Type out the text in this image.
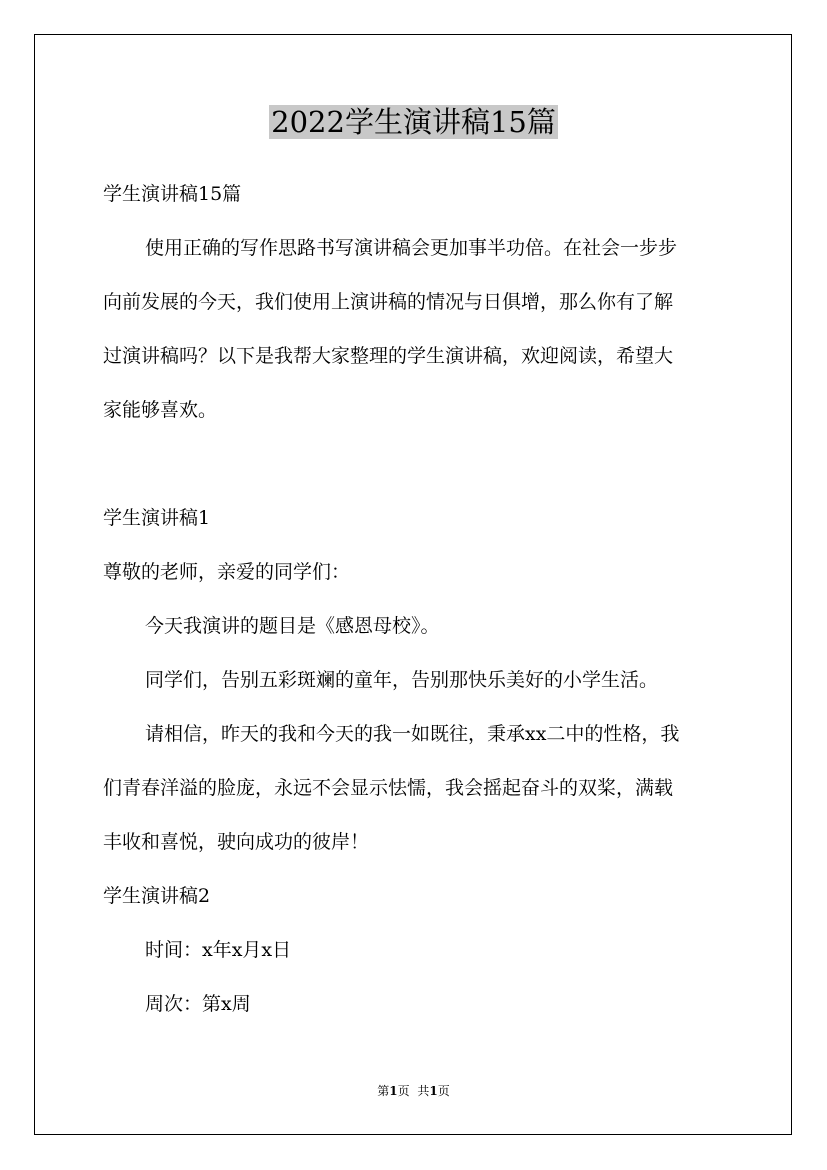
2022学生演讲稿15篇
学生演讲稿15篇
使用正确的写作思路书写演讲稿会更加事半功倍。在社会一步步
向前发展的今天，我们使用上演讲稿的情况与日俱增，那么你有了解
过演讲稿吗？以下是我帮大家整理的学生演讲稿，欢迎阅读，希望大
家能够喜欢。
学生演讲稿1
尊敬的老师，亲爱的同学们：
今天我演讲的题目是《感恩母校》。
同学们，告别五彩斑斓的童年，告别那快乐美好的小学生活。
请相信，昨天的我和今天的我一如既往，秉承xx二中的性格，我
们青春洋溢的脸庞，永远不会显示怯懦，我会摇起奋斗的双桨，满载
丰收和喜悦，驶向成功的彼岸！
学生演讲稿2
时间：x年x月x日
周次：第x周
第1页 共1页
